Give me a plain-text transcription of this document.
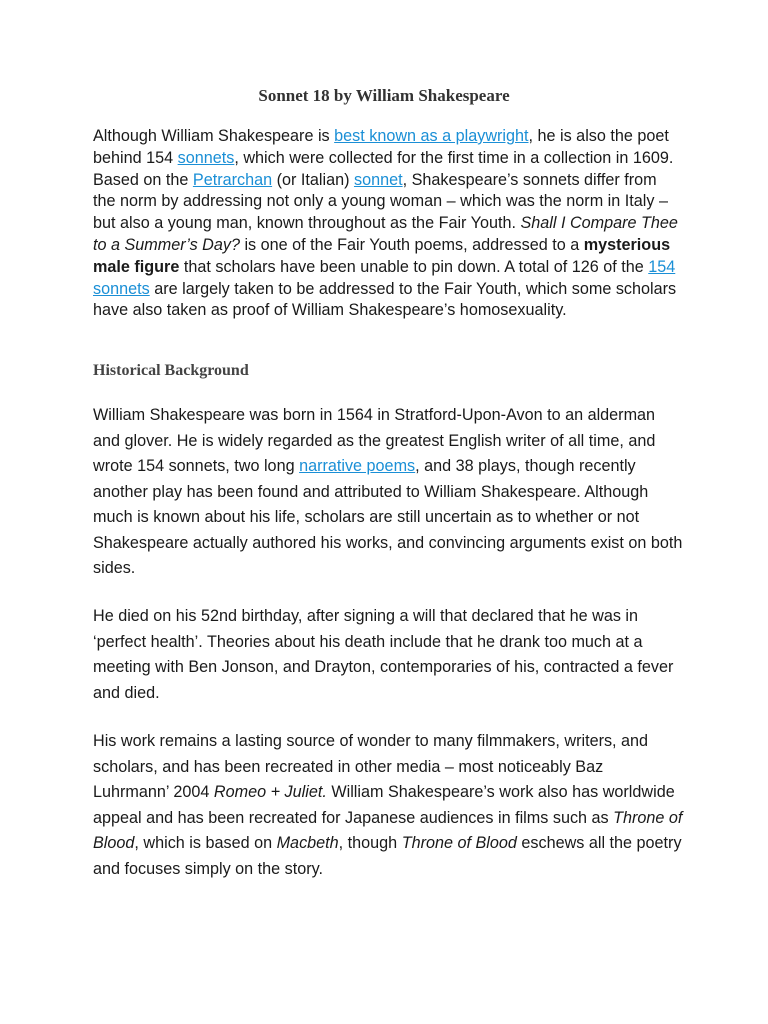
Sonnet 18 by William Shakespeare

Although William Shakespeare is best known as a playwright, he is also the poet behind 154 sonnets, which were collected for the first time in a collection in 1609. Based on the Petrarchan (or Italian) sonnet, Shakespeare’s sonnets differ from the norm by addressing not only a young woman – which was the norm in Italy – but also a young man, known throughout as the Fair Youth. Shall I Compare Thee to a Summer’s Day? is one of the Fair Youth poems, addressed to a mysterious male figure that scholars have been unable to pin down. A total of 126 of the 154 sonnets are largely taken to be addressed to the Fair Youth, which some scholars have also taken as proof of William Shakespeare’s homosexuality.

Historical Background

William Shakespeare was born in 1564 in Stratford-Upon-Avon to an alderman and glover. He is widely regarded as the greatest English writer of all time, and wrote 154 sonnets, two long narrative poems, and 38 plays, though recently another play has been found and attributed to William Shakespeare. Although much is known about his life, scholars are still uncertain as to whether or not Shakespeare actually authored his works, and convincing arguments exist on both sides.

He died on his 52nd birthday, after signing a will that declared that he was in ‘perfect health’. Theories about his death include that he drank too much at a meeting with Ben Jonson, and Drayton, contemporaries of his, contracted a fever and died.

His work remains a lasting source of wonder to many filmmakers, writers, and scholars, and has been recreated in other media – most noticeably Baz Luhrmann’ 2004 Romeo + Juliet. William Shakespeare’s work also has worldwide appeal and has been recreated for Japanese audiences in films such as Throne of Blood, which is based on Macbeth, though Throne of Blood eschews all the poetry and focuses simply on the story.
